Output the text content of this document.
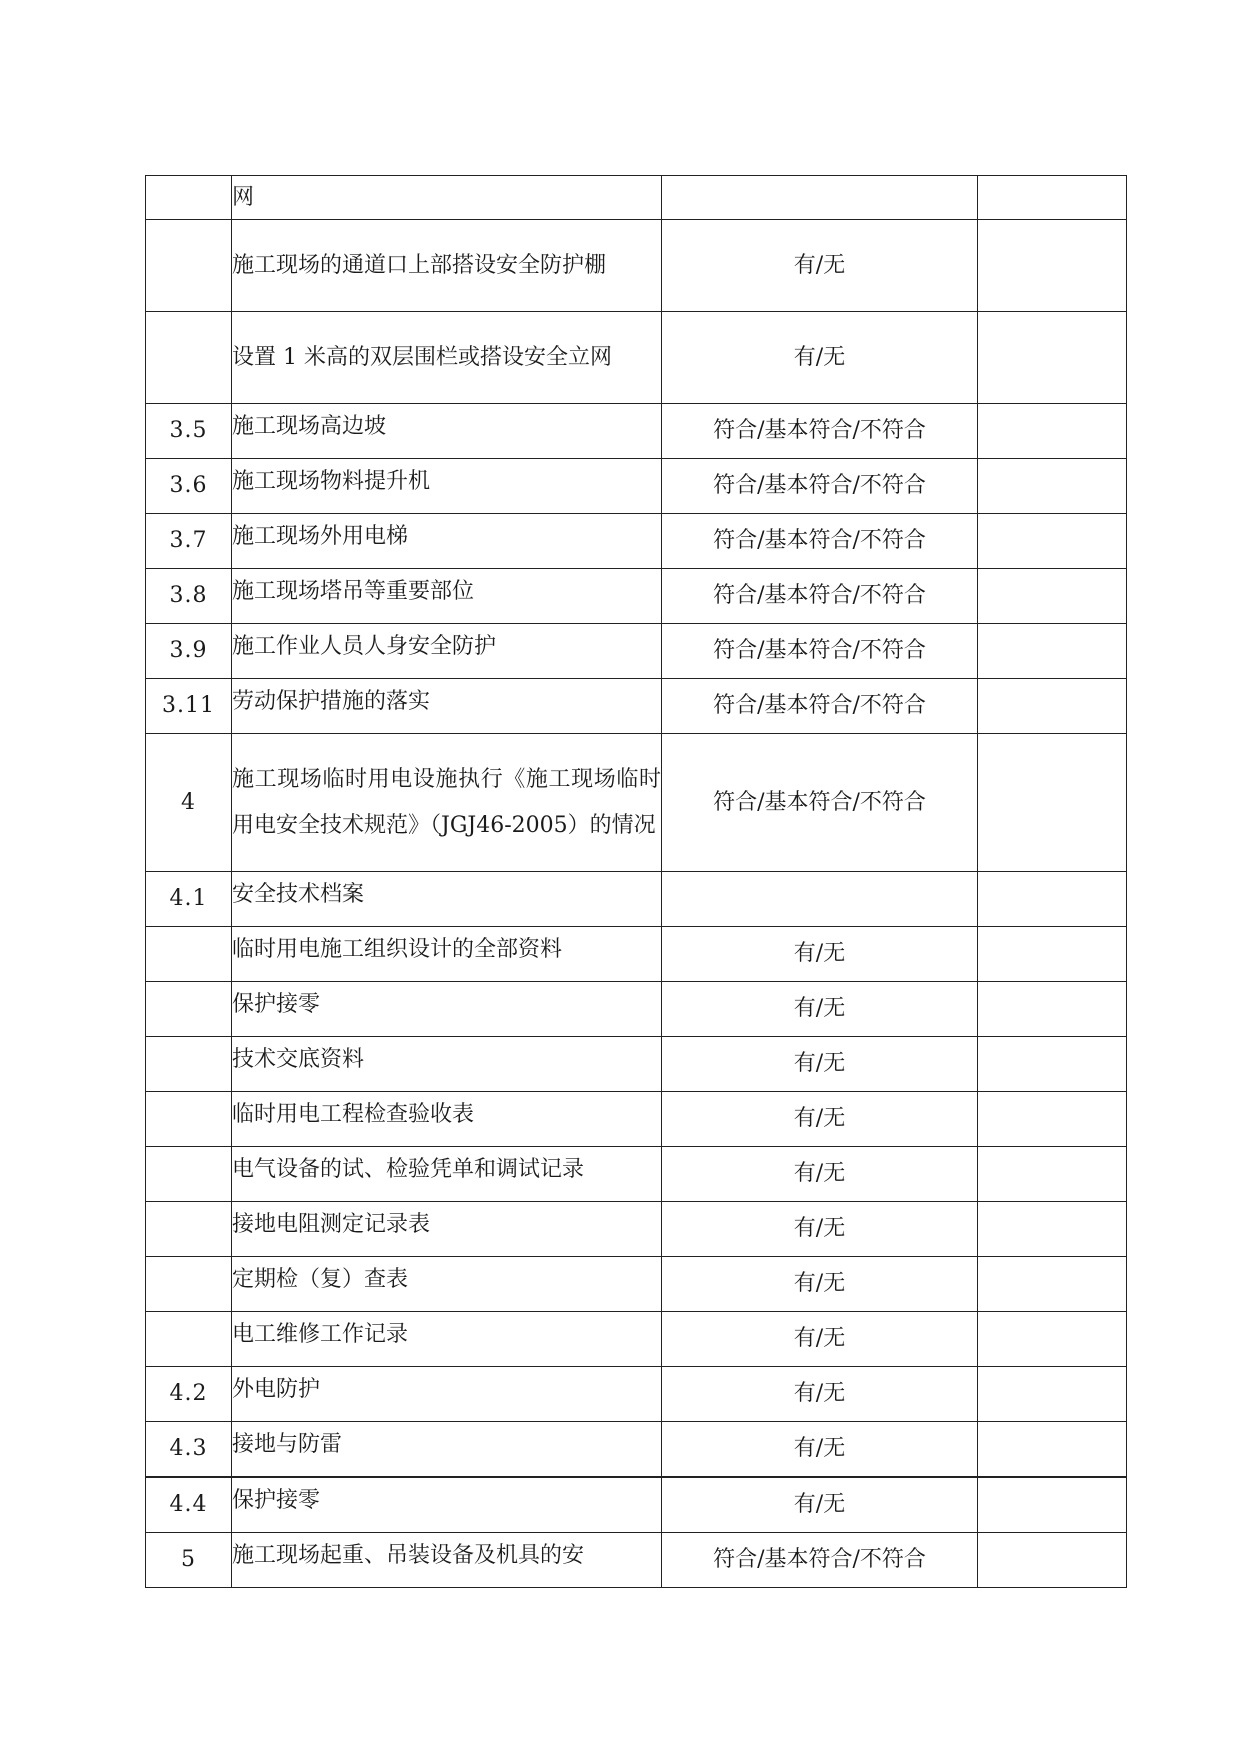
	网		
	施工现场的通道口上部搭设安全防护棚	有/无	
	设置 1 米高的双层围栏或搭设安全立网	有/无	
3.5	施工现场高边坡	符合/基本符合/不符合	
3.6	施工现场物料提升机	符合/基本符合/不符合	
3.7	施工现场外用电梯	符合/基本符合/不符合	
3.8	施工现场塔吊等重要部位	符合/基本符合/不符合	
3.9	施工作业人员人身安全防护	符合/基本符合/不符合	
3.11	劳动保护措施的落实	符合/基本符合/不符合	
4	施工现场临时用电设施执行《施工现场临时用电安全技术规范》（JGJ46-2005）的情况	符合/基本符合/不符合	
4.1	安全技术档案		
	临时用电施工组织设计的全部资料	有/无	
	保护接零	有/无	
	技术交底资料	有/无	
	临时用电工程检查验收表	有/无	
	电气设备的试、检验凭单和调试记录	有/无	
	接地电阻测定记录表	有/无	
	定期检（复）查表	有/无	
	电工维修工作记录	有/无	
4.2	外电防护	有/无	
4.3	接地与防雷	有/无	
4.4	保护接零	有/无	
5	施工现场起重、吊装设备及机具的安	符合/基本符合/不符合	
